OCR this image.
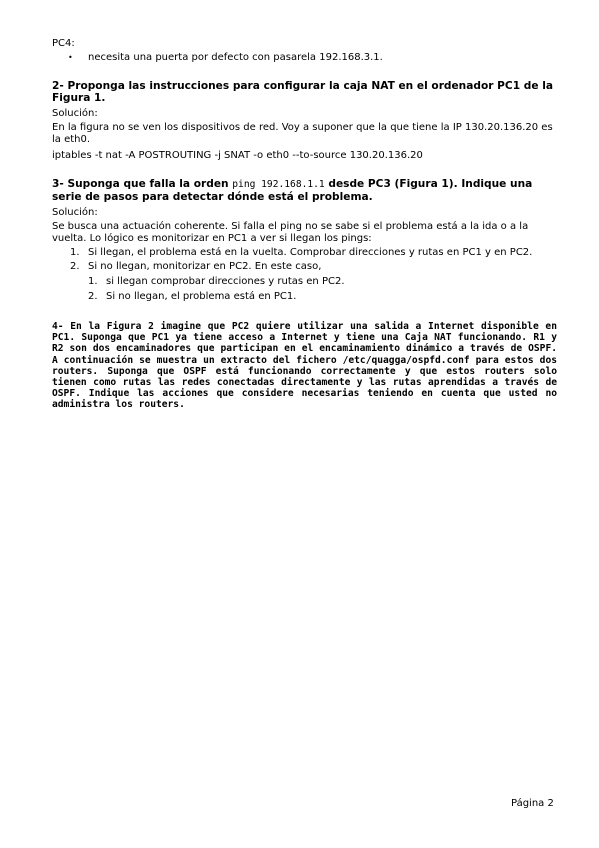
PC4:

• necesita una puerta por defecto con pasarela 192.168.3.1.

2- Proponga las instrucciones para configurar la caja NAT en el ordenador PC1 de la Figura 1.

Solución:

En la figura no se ven los dispositivos de red. Voy a suponer que la que tiene la IP 130.20.136.20 es la eth0.

iptables -t nat -A POSTROUTING -j SNAT -o eth0 --to-source 130.20.136.20

3- Suponga que falla la orden ping 192.168.1.1 desde PC3 (Figura 1). Indique una serie de pasos para detectar dónde está el problema.

Solución:

Se busca una actuación coherente. Si falla el ping no se sabe si el problema está a la ida o a la vuelta. Lo lógico es monitorizar en PC1 a ver si llegan los pings:

1. Si llegan, el problema está en la vuelta. Comprobar direcciones y rutas en PC1 y en PC2.
2. Si no llegan, monitorizar en PC2. En este caso,
1. si llegan comprobar direcciones y rutas en PC2.
2. Si no llegan, el problema está en PC1.

4- En la Figura 2 imagine que PC2 quiere utilizar una salida a Internet disponible en PC1. Suponga que PC1 ya tiene acceso a Internet y tiene una Caja NAT funcionando. R1 y R2 son dos encaminadores que participan en el encaminamiento dinámico a través de OSPF. A continuación se muestra un extracto del fichero /etc/quagga/ospfd.conf para estos dos routers. Suponga que OSPF está funcionando correctamente y que estos routers solo tienen como rutas las redes conectadas directamente y las rutas aprendidas a través de OSPF. Indique las acciones que considere necesarias teniendo en cuenta que usted no administra los routers.

Página 2
